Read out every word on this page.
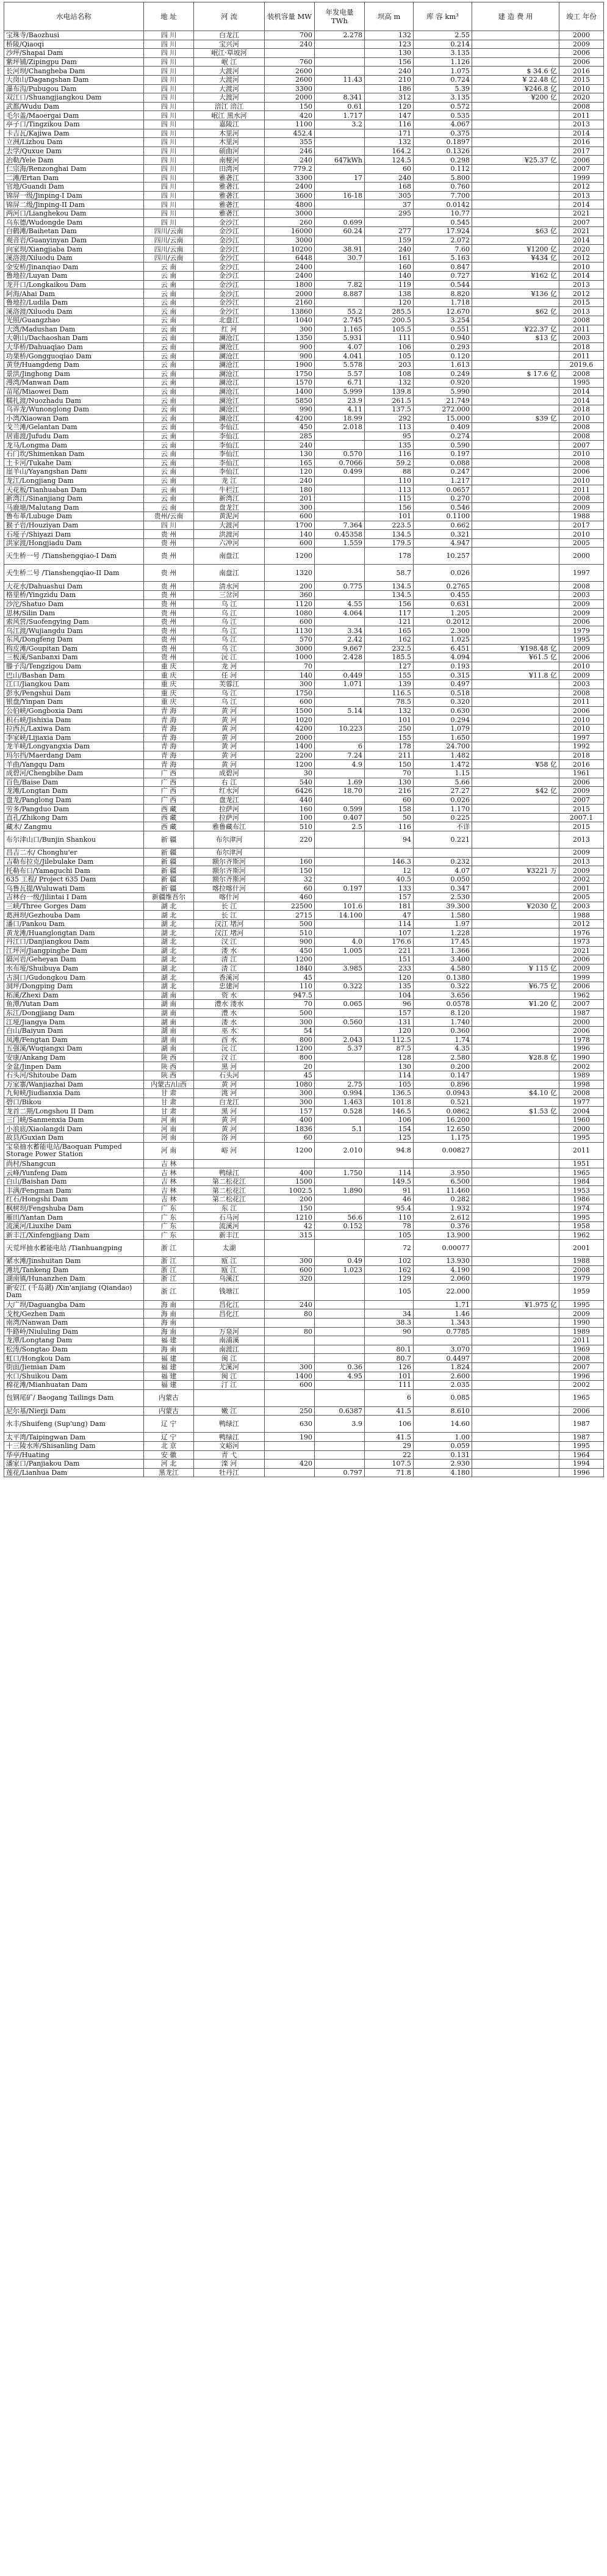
水电站名称	地 址	河 流	装机容量 MW	年发电量 TWh	坝高 m	库 容 km³	建 造 费 用	竣工 年份
宝珠寺/Baozhusi	四 川	白龙江	700	2.278	132	2.55		2000
桥陵/Qiaoqi	四 川	宝兴河	240		123	0.214		2009
沙坪/Shapai Dam	四 川	岷江·草坡河			130	3.135		2006
紫坪铺/Zipingpu Dam	四 川	岷 江	760		156	1.126		2006
长河坝/Changheba Dam	四 川	大渡河	2600		240	1.075	$ 34.6 亿	2016
大岗山/Dagangshan Dam	四 川	大渡河	2600	11.43	210	0.724	¥ 22.48 亿	2015
瀑布沟/Pubugou Dam	四 川	大渡河	3300		186	5.39	¥246.8 亿	2010
双江口/Shuangjiangkou Dam	四 川	大渡河	2000	8.341	312	3.135	¥200 亿	2020
武都/Wudu Dam	四 川	涪江 涪江	150	0.61	120	0.572		2008
毛尔盖/Maoergai Dam	四 川	岷江 黑水河	420	1.717	147	0.535		2011
亭子口/Tingzikou Dam	四 川	嘉陵江	1100	3.2	116	4.067		2013
卡吉瓦/Kajiwa Dam	四 川	木里河	452.4		171	0.375		2014
立洲/Lizhou Dam	四 川	木里河	355		132	0.1897		2016
去学/Quxue Dam	四 川	硕曲河	246		164.2	0.1326		2017
冶勒/Yele Dam	四 川	南桠河	240	647kWh	124.5	0.298	¥25.37 亿	2006
仁宗海/Renzonghai Dam	四 川	田湾河	779.2		60	0.112		2007
二滩/Ertan Dam	四 川	雅砻江	3300	17	240	5.800		1999
官地/Guandi Dam	四 川	雅砻江	2400		168	0.760		2012
锦屏一级/Jinping-I Dam	四 川	雅砻江	3600	16-18	305	7.700		2013
锦屏二级/Jinping-II Dam	四 川	雅砻江	4800		37	0.0142		2014
两河口/Lianghekou Dam	四 川	雅砻江	3000		295	10.77		2021
乌东德/Wudongde Dam	四 川	金沙江	260	0.699		0.545		2007
白鹤滩/Baihetan Dam	四川/云南	金沙江	16000	60.24	277	17.924	$63 亿	2021
观音岩/Guanyinyan Dam	四川/云南	金沙江	3000		159	2.072		2014
向家坝/Xiangjiaba Dam	四川/云南	金沙江	10200	38.91	240	7.60	¥1200 亿	2020
溪洛渡/Xiluodu Dam	四川/云南	金沙江	6448	30.7	161	5.163	¥434 亿	2012
金安桥/Jinanqiao Dam	云 南	金沙江	2400		160	0.847		2010
鲁地拉/Luyan Dam	云 南	金沙江	2400		140	0.727	¥162 亿	2014
龙开口/Longkaikou Dam	云 南	金沙江	1800	7.82	119	0.544		2013
阿海/Ahai Dam	云 南	金沙江	2000	8.887	138	8.820	¥136 亿	2012
鲁地拉/Ludila Dam	云 南	金沙江	2160		120	1.718		2015
溪洛渡/Xiluodu Dam	云 南	金沙江	13860	55.2	285.5	12.670	$62 亿	2013
光照/Guangzhao	云 南	北盘江	1040	2.745	200.5	3.254		2008
大湾/Madushan Dam	云 南	红 河	300	1.165	105.5	0.551	¥22.37 亿	2011
大朝山/Dachaoshan Dam	云 南	澜沧江	1350	5.931	111	0.940	$13 亿	2003
大华桥/Dahuaqiao Dam	云 南	澜沧江	900	4.07	106	0.293		2018
功果桥/Gongguoqiao Dam	云 南	澜沧江	900	4.041	105	0.120		2011
黄登/Huangdeng Dam	云 南	澜沧江	1900	5.578	203	1.613		2019.6
景洪/Jinghong Dam	云 南	澜沧江	1750	5.57	108	0.249	$ 17.6 亿	2008
漫湾/Manwan Dam	云 南	澜沧江	1570	6.71	132	0.920		1995
苗尾/Miaowei Dam	云 南	澜沧江	1400	5.999	139.8	5.990		2014
糯扎渡/Nuozhadu Dam	云 南	澜沧江	5850	23.9	261.5	21.749		2014
乌弄龙/Wunonglong Dam	云 南	澜沧江	990	4.11	137.5	272.000		2018
小湾/Xiaowan Dam	云 南	澜沧江	4200	18.99	292	15.000	$39 亿	2010
戈兰滩/Gelantan Dam	云 南	李仙江	450	2.018	113	0.409		2008
居甫渡/Jufudu Dam	云 南	李仙江	285		95	0.274		2008
龙马/Longma Dam	云 南	李仙江	240		135	0.590		2007
石门坎/Shimenkan Dam	云 南	李仙江	130	0.570	116	0.197		2010
土卡河/Tukahe Dam	云 南	李仙江	165	0.7066	59.2	0.088		2008
崖羊山/Yayangshan Dam	云 南	李仙江	120	0.499	88	0.247		2006
龙江/Longjiang Dam	云 南	龙 江	240		110	1.217		2010
天花板/Tianhuaban Dam	云 南	牛栏江	180		113	0.0657		2011
新湾江/Sinanjiang Dam	云 南	新湾江	201		115	0.270		2008
马鹿塘/Malutang Dam	云 南	盘龙江	300		156	0.546		2009
鲁布革/Lubuge Dam	贵州/云南	黄泥河	600		101	0.1100		1988
猴子岩/Houziyan Dam	四 川	大渡河	1700	7.364	223.5	0.662		2017
石垭子/Shiyazi Dam	贵 州	洪渡河	140	0.45358	134.5	0.321		2010
洪家渡/Hongjiadu Dam	贵 州	六冲河	600	1.559	179.5	4.947		2005
天生桥一号 /Tianshengqiao-I Dam	贵 州	南盘江	1200		178	10.257		2000
天生桥二号 /Tianshengqiao-II Dam	贵 州	南盘江	1320		58.7	0.026		1997
大花水/Dahuashui Dam	贵 州	清水河	200	0.775	134.5	0.2765		2008
格里桥/Yingzidu Dam	贵 州	三岔河	360		134.5	0.455		2003
沙沱/Shatuo Dam	贵 州	乌 江	1120	4.55	156	0.631		2009
思林/Silin Dam	贵 州	乌 江	1080	4.064	117	1.205		2009
索风营/Suofengying Dam	贵 州	乌 江	600		121	0.2012		2006
乌江渡/Wujiangdu Dam	贵 州	乌 江	1130	3.34	165	2.300		1979
东风/Dongfeng Dam	贵 州	乌 江	570	2.42	162	1.025		1995
构皮滩/Goupitan Dam	贵 州	乌 江	3000	9.667	232.5	6.451	¥198.48 亿	2009
三板溪/Sanbanxi Dam	贵 州	沅 江	1000	2.428	185.5	4.094	¥61.5 亿	2006
滕子沟/Tengzigou Dam	重 庆	龙 河	70		127	0.193		2010
巴山/Bashan Dam	重 庆	任 河	140	0.449	155	0.315	¥11.8 亿	2009
江口/Jiangkou Dam	重 庆	芙蓉江	300	1.071	139	0.497		2003
彭水/Pengshui Dam	重 庆	乌 江	1750		116.5	0.518		2008
银盘/Yinpan Dam	重 庆	乌 江	600		78.5	0.320		2011
公伯峡/Gongboxia Dam	青 海	黄 河	1500	5.14	132	0.630		2006
积石峡/Jishixia Dam	青 海	黄 河	1020		101	0.294		2010
拉西瓦/Laxiwa Dam	青 海	黄 河	4200	10.223	250	1.079		2010
李家峡/Lijiaxia Dam	青 海	黄 河	2000		155	1.650		1997
龙羊峡/Longyangxia Dam	青 海	黄 河	1400	6	178	24.700		1992
玛尔挡/Maerdang Dam	青 海	黄 河	2200	7.24	211	1.482		2018
羊曲/Yangqu Dam	青 海	黄 河	1200	4.9	150	1.472	¥58 亿	2016
成碧河/Chengbihe Dam	广 西	成碧河	30		70	1.15		1961
百色/Baise Dam	广 西	右 江	540	1.69	130	5.66		2006
龙滩/Longtan Dam	广 西	红水河	6426	18.70	216	27.27	$42 亿	2009
盘龙/Panglong Dam	广 西	盘龙江	440		60	0.026		2007
劳多/Pangduo Dam	西 藏	拉萨河	160	0.599	158	1.170		2015
直孔/Zhikong Dam	西 藏	拉萨河	100	0.407	50	0.225		2007.1
藏木/ Zangmu	西 藏	雅鲁藏布江	510	2.5	116	不详		2015
布尔津山口/Bunjin Shankou	新 疆	布尔津河	220		94	0.221		2013
昌吉二水/ Chonghu'er	新 疆	布尔津河						2009
吉勒布拉克/Jilebulake Dam	新 疆	额尔齐斯河	160		146.3	0.232		2013
托勒布口/Yamaguchi Dam	新 疆	额尔齐斯河	150		12	4.07	¥3221 万	2009
635 工程/ Project 635 Dam	新 疆	额尔齐斯河	32		40.5	0.050		2002
乌鲁瓦提/Wuluwati Dam	新 疆	喀拉喀什河	60	0.197	133	0.347		2001
吉林台一级/Jilintai I Dam	新疆维吾尔	喀什河	460		157	2.530		2005
三峡/Three Gorges Dam	湖 北	长 江	22500	101.6	181	39.300	¥2030 亿	2003
葛洲坝/Gezhouba Dam	湖 北	长 江	2715	14.100	47	1.580		1988
潘口/Pankou Dam	湖 北	汉江 堵河	500		114	1.97		2012
黄龙滩/Huanglongtan Dam	湖 北	汉江 堵河	510		107	1.228		1976
丹江口/Danjiangkou Dam	湖 北	汉 江	900	4.0	176.6	17.45		1973
江坪河/Jiangpinghe Dam	湖 北	溇 水	450	1.005	221	1.366		2021
隔河岩/Geheyan Dam	湖 北	清 江	1200		151	3.400		2006
水布垭/Shuibuya Dam	湖 北	清 江	1840	3.985	233	4.580	¥ 115 亿	2009
古洞口/Gudongkou Dam	湖 北	香溪河	45		120	0.1380		1999
洞坪/Dongping Dam	湖 北	忠建河	110	0.322	135	0.322	¥6.75 亿	2006
柘溪/Zhexi Dam	湖 南	资 水	947.5		104	3.656		1962
鱼潭/Yutan Dam	湖 南	澧水 溇水	70	0.065	96	0.0578	¥1.20 亿	2007
东江/Dongjiang Dam	湖 南	澧 水	500		157	8.120		1987
江垭/Jiangya Dam	湖 南	溇 水	300	0.560	131	1.740		2000
白山/Baiyun Dam	湖 南	巫 水	54		120	0.360		2006
凤滩/Fengtan Dam	湖 南	酉 水	800	2.043	112.5	1.74		1978
五强溪/Wuqiangxi Dam	湖 南	沅 江	1200	5.37	87.5	4.35		1996
安康/Ankang Dam	陕 西	汉 江	800		128	2.580	¥28.8 亿	1990
金盆/Jinpen Dam	陕 西	黑 河	20		130	0.200		2002
石头河/Shitoube Dam	陕 西	石头河	45		114	0.147		1989
万家寨/Wanjiazhai Dam	内蒙古/山西	黄 河	1080	2.75	105	0.896		1998
九甸峡/Jiudianxia Dam	甘 肃	洮 河	300	0.994	136.5	0.0943	$4.10 亿	2008
碧口/Bikou	甘 肃	白龙江	300	1.463	101.8	0.521		1977
龙首二期/Longshou II Dam	甘 肃	黑 河	157	0.528	146.5	0.0862	$1.53 亿	2004
三门峡/Sanmenxia Dam	河 南	黄 河	400		106	16.200		1960
小浪底/Xiaolangdi Dam	河 南	黄 河	1836	5.1	154	12.650		2000
故县/Guxian Dam	河 南	洛 河	60		125	1.175		1995
宝泉抽水蓄能电站/Baoquan Pumped Storage Power Station	河 南	峪 河	1200	2.010	94.8	0.00827		2011
尚村/Shangcun	吉 林							1951
云峰/Yunfeng Dam	吉 林	鸭绿江	400	1.750	114	3.950		1965
白山/Baishan Dam	吉 林	第二松花江	1500		149.5	6.500		1984
丰满/Fengman Dam	吉 林	第二松花江	1002.5	1.890	91	11.460		1953
红石/Hongshi Dam	吉 林	第二松花江	200		46	0.282		1986
枫树坝/Fengshuba Dam	广 东	东 江	150		95.4	1.932		1974
雁田/Yantan Dam	广 东	石马河	1210	56.6	110	2.612		1995
流溪河/Liuxihe Dam	广 东	流溪河	42	0.152	78	0.376		1958
新丰江/Xinfengjiang Dam	广 东	新丰江	315		105	13.900		1962
天荒坪抽水蓄能电站 /Tianhuangping	浙 江	太湖			72	0.00077		2001
紧水滩/Jinshuitan Dam	浙 江	瓯 江	300	0.49	102	13.930		1988
滩坑/Tankeng Dam	浙 江	瓯 江	600	1.023	162	4.190		2008
湖南镇/Hunanzhen Dam	浙 江	乌溪江	320		129	2.060		1979
新安江 (千岛湖) /Xin'anjiang (Qiandao) Dam	浙 江	钱塘江			105	22.000		1959
大广坝/Daguangba Dam	海 南	昌化江	240			1.71	¥1.975 亿	1995
戈枕/Gezhen Dam	海 南	昌化江	80		34	1.46		2009
南湾/Nanwan Dam	海 南				38.3	1.343		1990
牛路岭/Niululing Dam	海 南	万泉河	80		90	0.7785		1989
龙潭/Longtang Dam	福 建	南浦溪						2011
松涛/Songtao Dam	海 南	南渡江			80.1	3.070		1969
虹口/Hongkou Dam	福 建	闽 江			80.7	0.4497		2008
街面/Jiemian Dam	福 建	尤溪河	300	0.36	126	1.824		2007
水口/Shuikou Dam	福 建	闽 江	1400	4.95	101	2.600		1996
棉花滩/Mianhuatan Dam	福 建	汀 江	600		111	2.035		2002
包钢尾矿/ Baogang Tailings Dam	内蒙古				6	0.085		1965
尼尔基/Nierji Dam	内蒙古	嫩 江	250	0.6387	41.5	8.610		2006
水丰/Shuifeng (Sup'ung) Dam	辽 宁	鸭绿江	630	3.9	106	14.60		1987
太平湾/Taipingwan Dam	辽 宁	鸭绿江	190		41.5	1.00		1987
十三陵水库/Shisanling Dam	北 京	文峪河			29	0.059		1995
华亭/Huating	安 徽	青 弋			22	0.131		1964
潘家口/Panjiakou Dam	河 北	滦 河	420		107.5	2.930		1994
莲花/Lianhua Dam	黑龙江	牡丹江		0.797	71.8	4.180		1996
